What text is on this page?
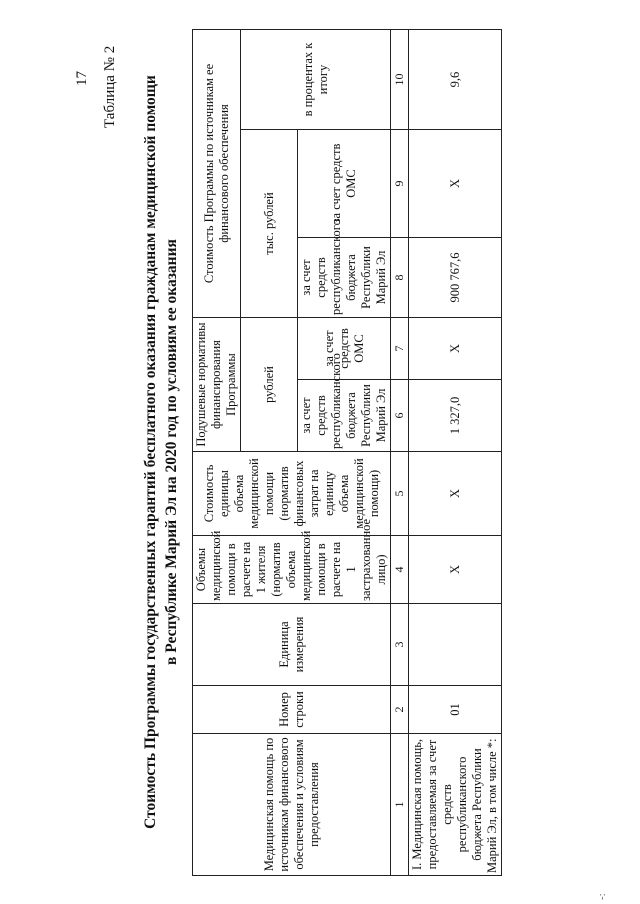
17 Таблица № 2 Стоимость Программы государственных гарантий бесплатного оказания гражданам медицинской помощи в Республике Марий Эл на 2020 год по условиям ее оказания
Медицинская помощь по источникам финансового обеспечения и условиям предоставления	Номер строки	Единица измерения	Объемы медицинской помощи в расчете на 1 жителя (норматив объема медицинской помощи в расчете на 1 застрахованное лицо)	Стоимость единицы объема медицинской помощи (норматив финансовых затрат на единицу объема медицинской помощи)	Подушевые нормативы финансирования Программы		Стоимость Программы по источникам ее финансового обеспечения		
					рублей		тыс. рублей		в процентах к итогу
					за счет средств республиканского бюджета Республики Марий Эл	за счет средств ОМС	за счет средств республиканского бюджета Республики Марий Эл	за счет средств ОМС	
1	2	3	4	5	6	7	8	9	10
I. Медицинская помощь, предоставляемая за счет средств республиканского бюджета Республики Марий Эл, в том числе *:	01		X	X	1 327,0	X	900 767,6	X	9,6
-:
